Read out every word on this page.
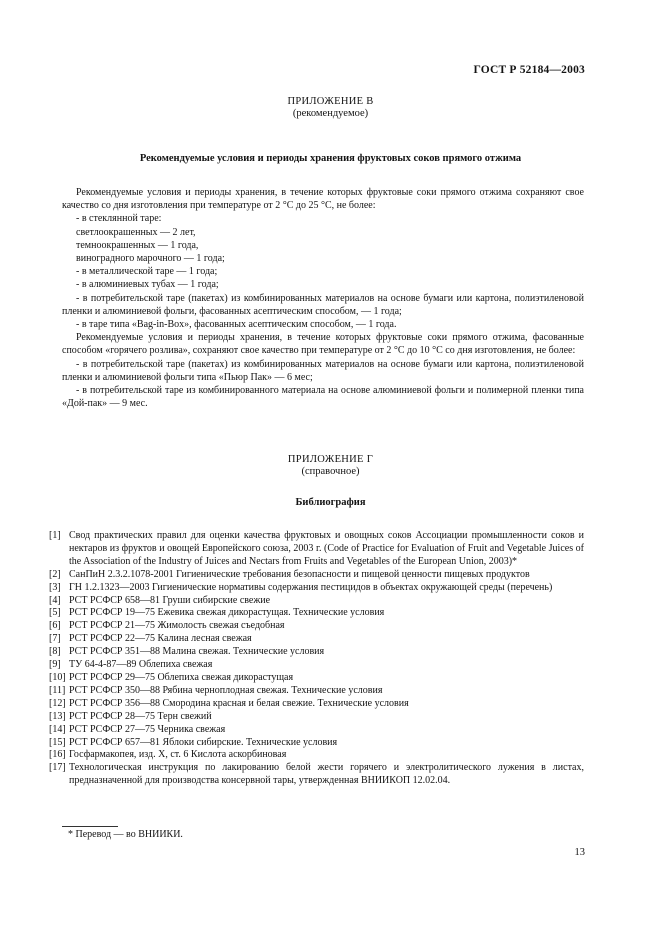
ГОСТ Р 52184—2003
ПРИЛОЖЕНИЕ В
(рекомендуемое)
Рекомендуемые условия и периоды хранения фруктовых соков прямого отжима

Рекомендуемые условия и периоды хранения, в течение которых фруктовые соки прямого отжима сохраняют свое качество со дня изготовления при температуре от 2 °С до 25 °С, не более:

- в стеклянной таре:

светлоокрашенных — 2 лет,

темноокрашенных — 1 года,

виноградного марочного — 1 года;

- в металлической таре — 1 года;

- в алюминиевых тубах — 1 года;

- в потребительской таре (пакетах) из комбинированных материалов на основе бумаги или картона, полиэтиленовой пленки и алюминиевой фольги, фасованных асептическим способом, — 1 года;

- в таре типа «Bag-in-Box», фасованных асептическим способом, — 1 года.

Рекомендуемые условия и периоды хранения, в течение которых фруктовые соки прямого отжима, фасованные способом «горячего розлива», сохраняют свое качество при температуре от 2 °С до 10 °С со дня изготовления, не более:

- в потребительской таре (пакетах) из комбинированных материалов на основе бумаги или картона, полиэтиленовой пленки и алюминиевой фольги типа «Пьюр Пак» — 6 мес;

- в потребительской таре из комбинированного материала на основе алюминиевой фольги и полимерной пленки типа «Дой-пак» — 9 мес.

ПРИЛОЖЕНИЕ Г
(справочное)
Библиография
[1] Свод практических правил для оценки качества фруктовых и овощных соков Ассоциации промышленности соков и нектаров из фруктов и овощей Европейского союза, 2003 г. (Code of Practice for Evaluation of Fruit and Vegetable Juices of the Association of the Industry of Juices and Nectars from Fruits and Vegetables of the European Union, 2003)*
[2] СанПиН 2.3.2.1078-2001 Гигиенические требования безопасности и пищевой ценности пищевых продуктов
[3] ГН 1.2.1323—2003 Гигиенические нормативы содержания пестицидов в объектах окружающей среды (перечень)
[4] РСТ РСФСР 658—81 Груши сибирские свежие
[5] РСТ РСФСР 19—75 Ежевика свежая дикорастущая. Технические условия
[6] РСТ РСФСР 21—75 Жимолость свежая съедобная
[7] РСТ РСФСР 22—75 Калина лесная свежая
[8] РСТ РСФСР 351—88 Малина свежая. Технические условия
[9] ТУ 64-4-87—89 Облепиха свежая
[10] РСТ РСФСР 29—75 Облепиха свежая дикорастущая
[11] РСТ РСФСР 350—88 Рябина черноплодная свежая. Технические условия
[12] РСТ РСФСР 356—88 Смородина красная и белая свежие. Технические условия
[13] РСТ РСФСР 28—75 Терн свежий
[14] РСТ РСФСР 27—75 Черника свежая
[15] РСТ РСФСР 657—81 Яблоки сибирские. Технические условия
[16] Госфармакопея, изд. X, ст. 6 Кислота аскорбиновая
[17] Технологическая инструкция по лакированию белой жести горячего и электролитического лужения в листах, предназначенной для производства консервной тары, утвержденная ВНИИКОП 12.02.04.
* Перевод — во ВНИИКИ.
13
